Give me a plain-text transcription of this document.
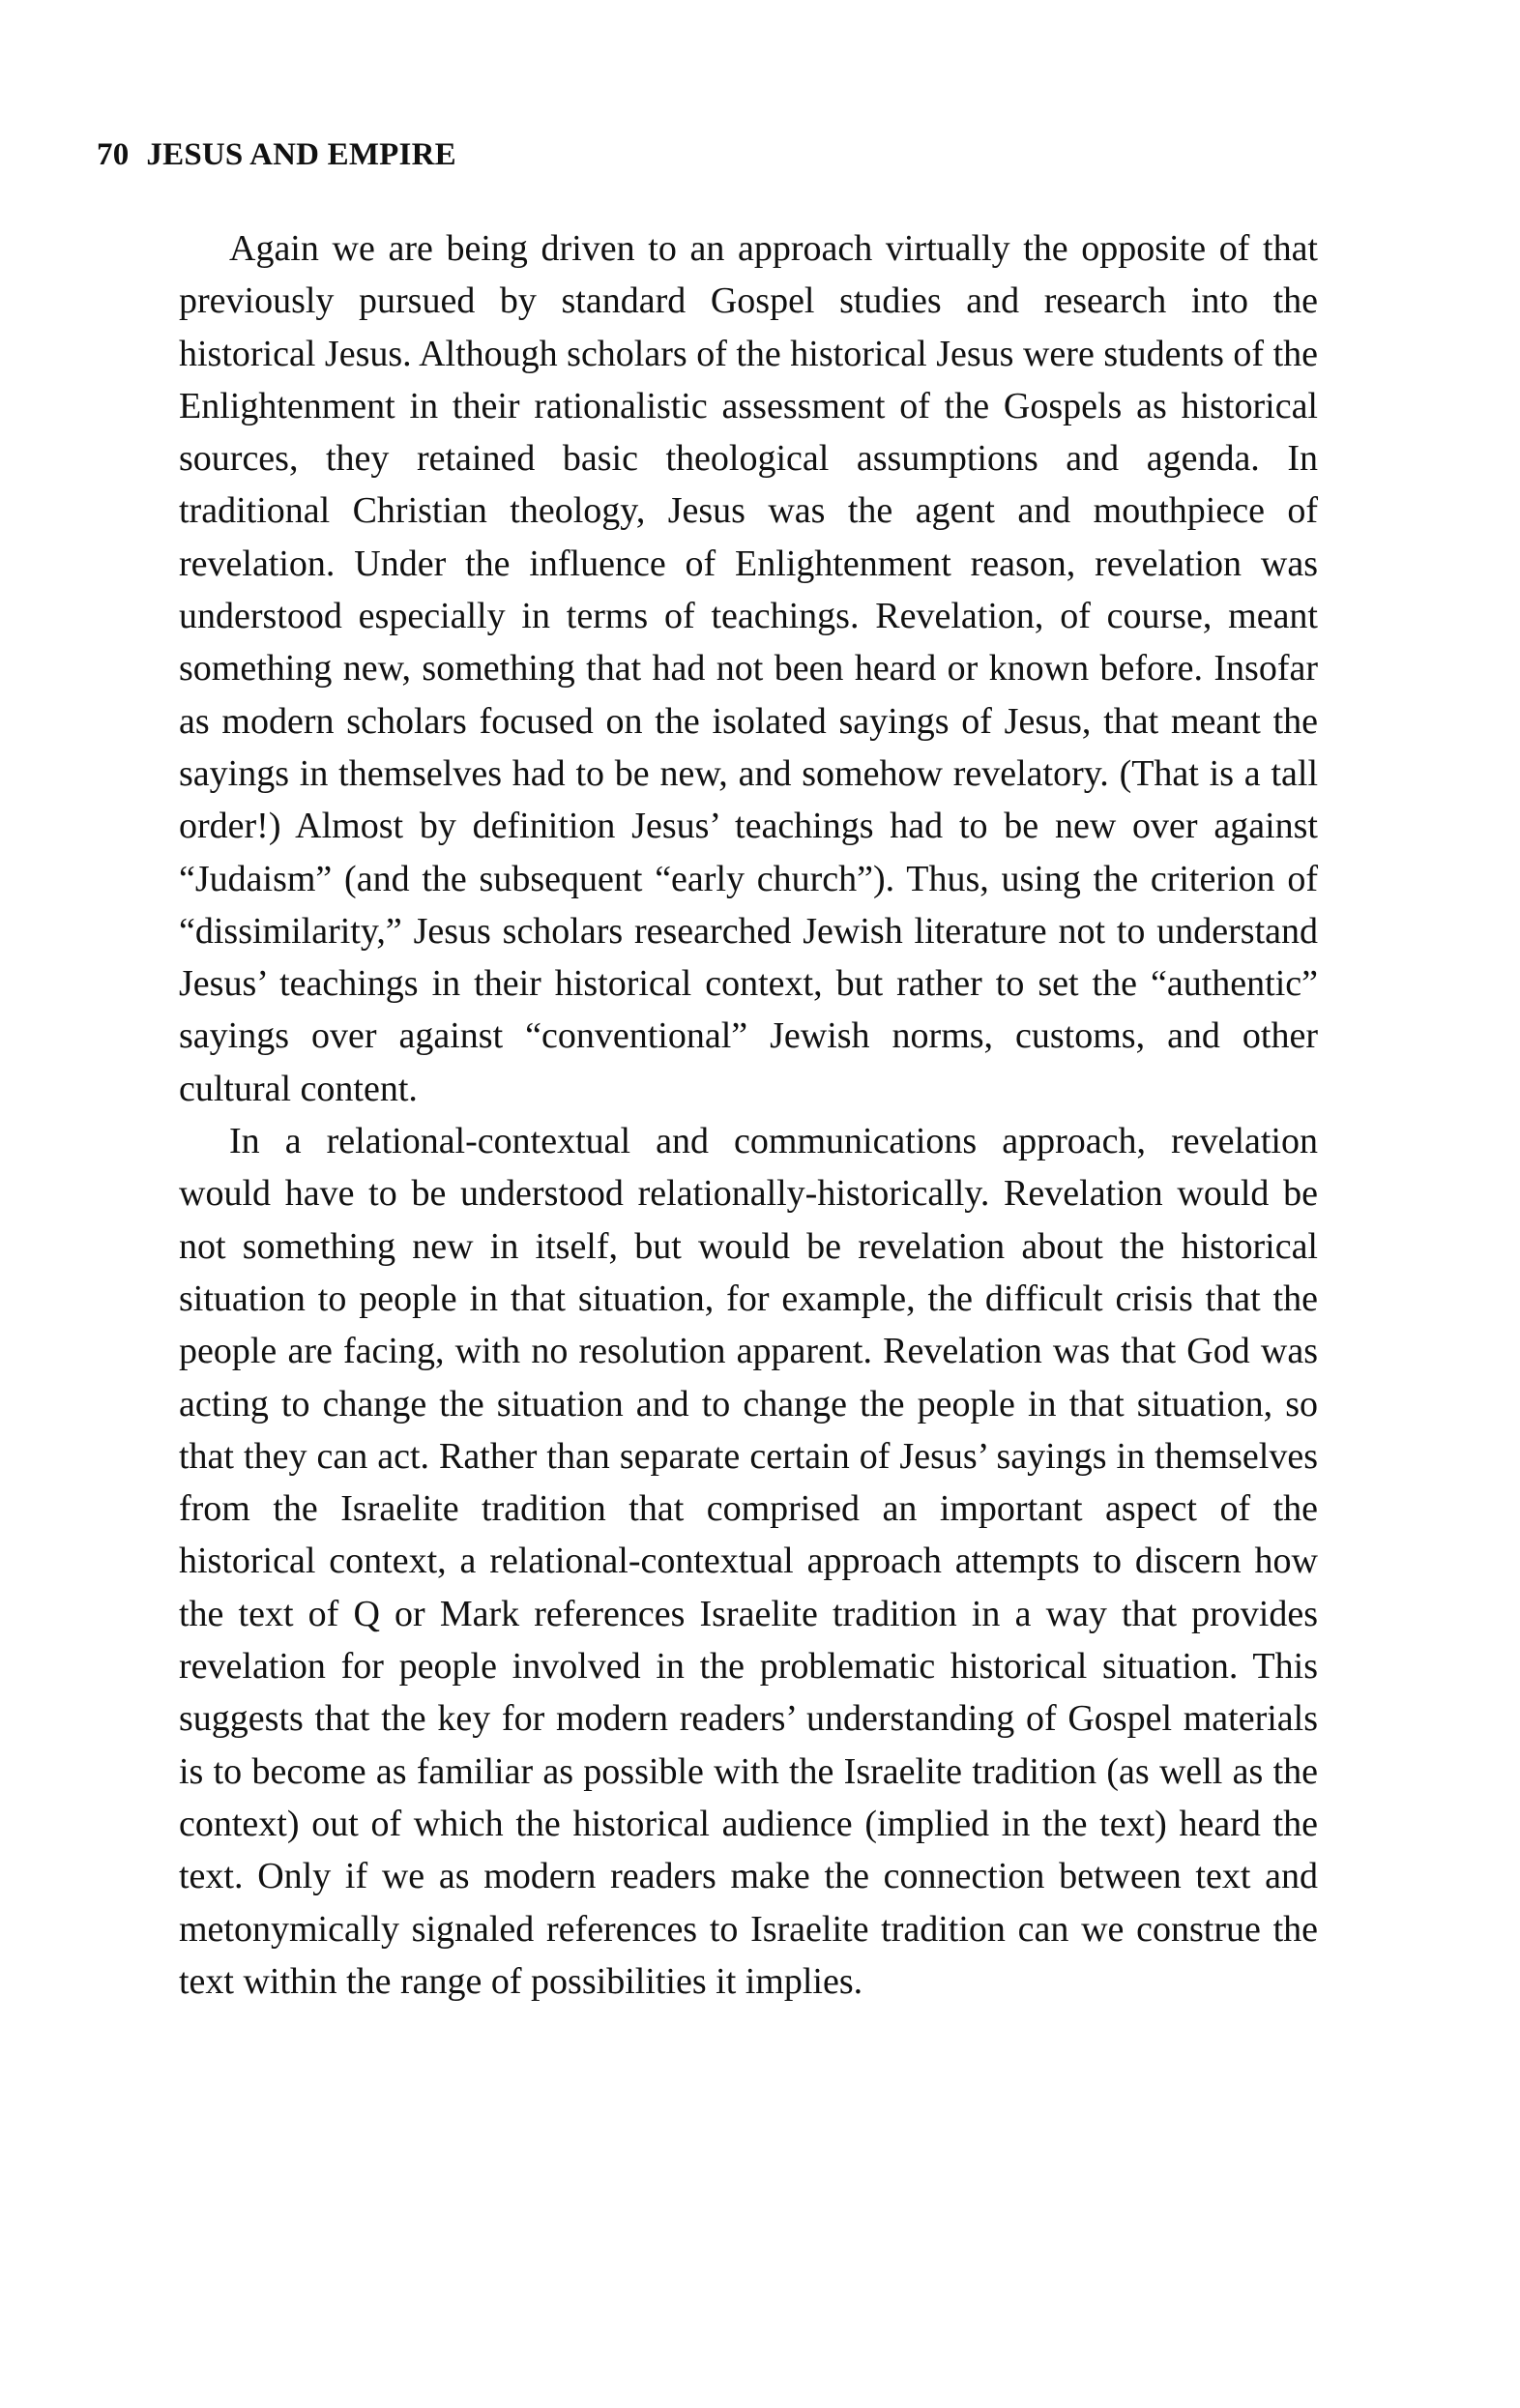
70 JESUS AND EMPIRE

Again we are being driven to an approach virtually the opposite of that previously pursued by standard Gospel studies and research into the historical Jesus. Although scholars of the historical Jesus were students of the Enlightenment in their rationalistic assessment of the Gospels as historical sources, they retained basic theological assumptions and agenda. In traditional Christian theology, Jesus was the agent and mouthpiece of revelation. Under the influence of Enlightenment reason, revelation was understood especially in terms of teachings. Revelation, of course, meant something new, something that had not been heard or known before. Insofar as modern scholars focused on the isolated sayings of Jesus, that meant the sayings in themselves had to be new, and somehow revelatory. (That is a tall order!) Almost by definition Jesus’ teachings had to be new over against “Judaism” (and the subsequent “early church”). Thus, using the criterion of “dissimilarity,” Jesus scholars researched Jewish literature not to understand Jesus’ teachings in their historical context, but rather to set the “authentic” sayings over against “conventional” Jewish norms, customs, and other cultural content.

In a relational-contextual and communications approach, revelation would have to be understood relationally-historically. Revelation would be not something new in itself, but would be revelation about the historical situation to people in that situation, for example, the difficult crisis that the people are facing, with no resolution apparent. Revelation was that God was acting to change the situation and to change the people in that situation, so that they can act. Rather than separate certain of Jesus’ sayings in themselves from the Israelite tradition that comprised an important aspect of the historical context, a relational-contextual approach attempts to discern how the text of Q or Mark references Israelite tradition in a way that provides revelation for people involved in the problematic historical situation. This suggests that the key for modern readers’ understanding of Gospel materials is to become as familiar as possible with the Israelite tradition (as well as the context) out of which the historical audience (implied in the text) heard the text. Only if we as modern readers make the connection between text and metonymically signaled references to Israelite tradition can we construe the text within the range of possibilities it implies.
